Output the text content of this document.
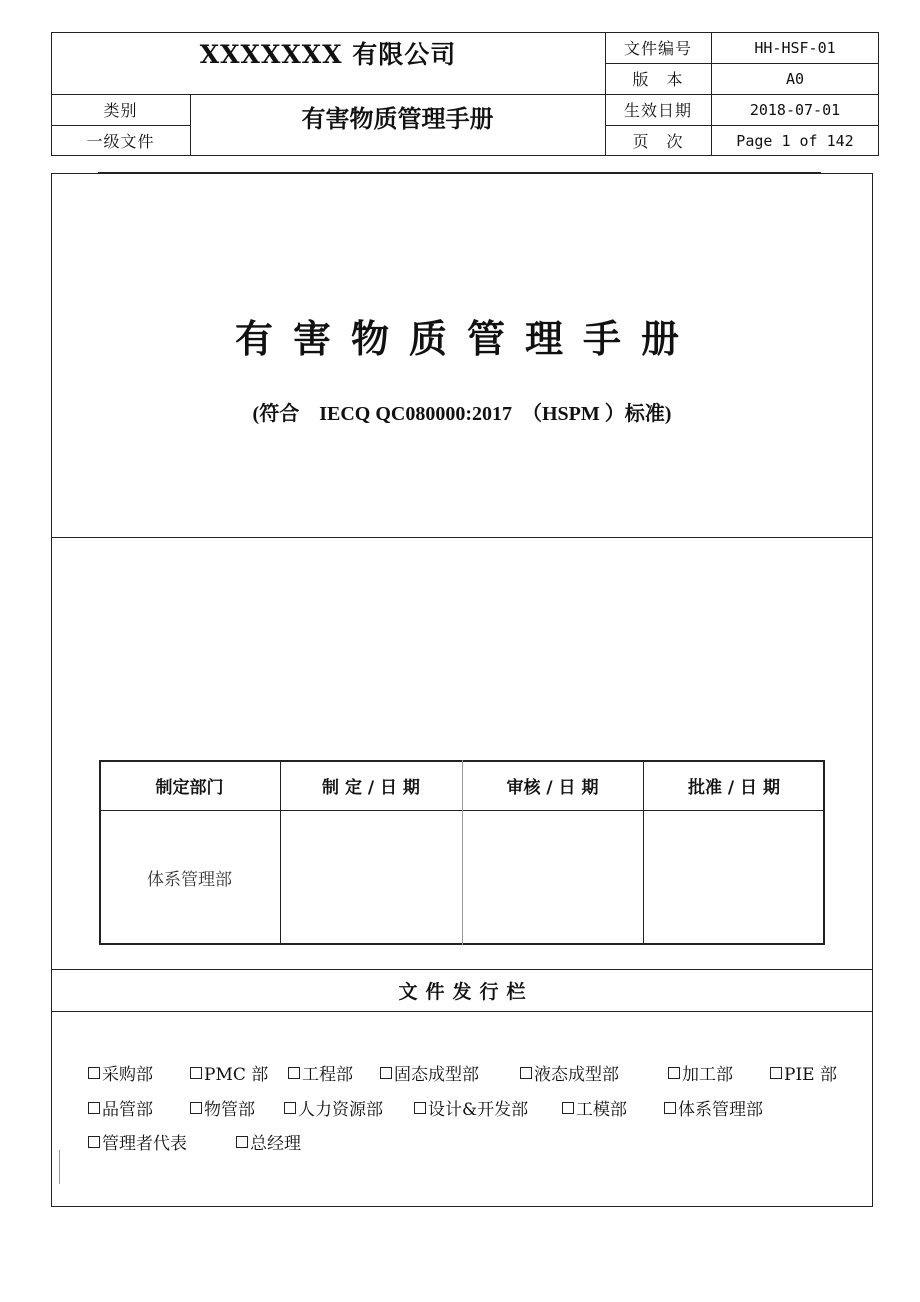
XXXXXXX 有限公司
类别
一级文件
有害物质管理手册
文件编号	HH-HSF-01
版　本	A0
生效日期	2018-07-01
页　次	Page 1 of 142
有害物质管理手册
(符合　IECQ QC080000:2017　（HSPM ）标准)
制定部门	制 定 / 日 期	审核 / 日 期	批准 / 日 期
体系管理部
文件发行栏
采购部	PMC 部 工程部 固态成型部	液态成型部	加工部	PIE 部
品管部	物管部	人力资源部	设计&开发部	工模部	体系管理部
管理者代表	总经理
